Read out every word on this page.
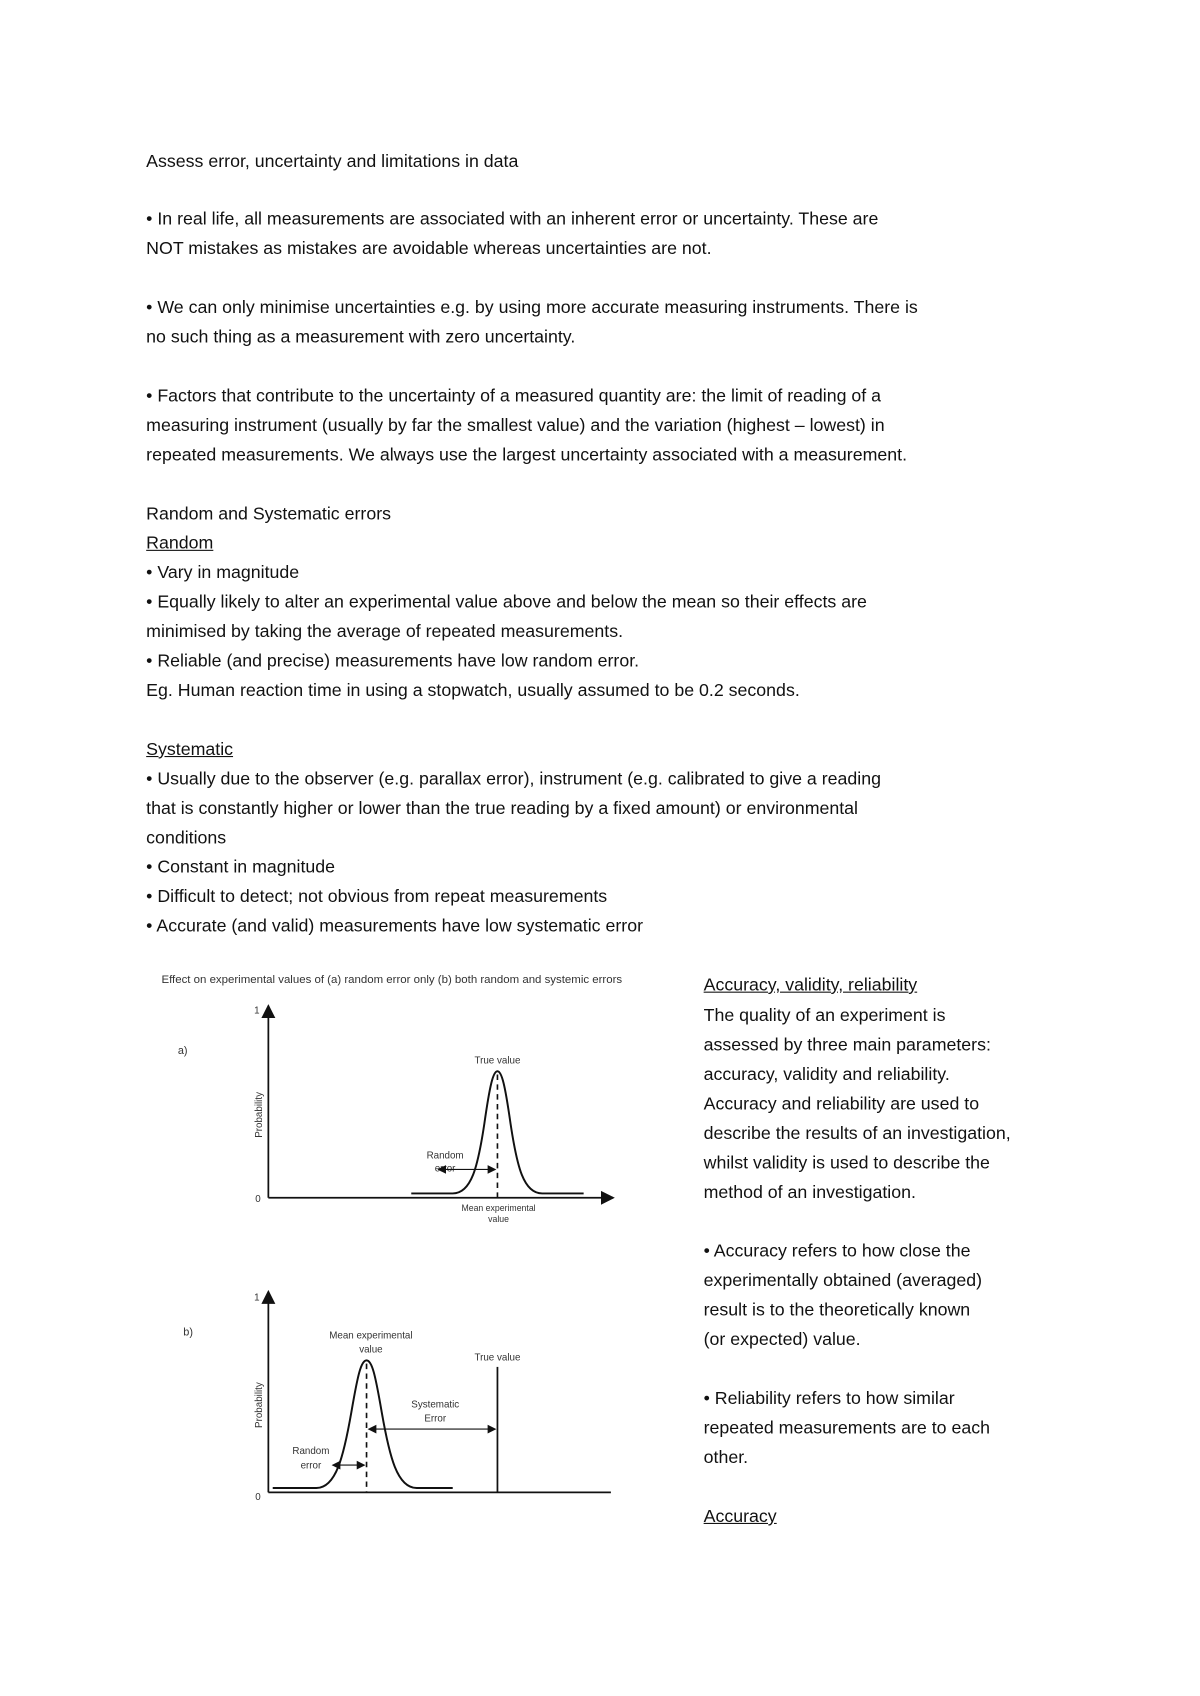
Assess error, uncertainty and limitations in data
• In real life, all measurements are associated with an inherent error or uncertainty. These are
NOT mistakes as mistakes are avoidable whereas uncertainties are not.
• We can only minimise uncertainties e.g. by using more accurate measuring instruments. There is
no such thing as a measurement with zero uncertainty.
• Factors that contribute to the uncertainty of a measured quantity are: the limit of reading of a
measuring instrument (usually by far the smallest value) and the variation (highest – lowest) in
repeated measurements. We always use the largest uncertainty associated with a measurement.
Random and Systematic errors
Random
• Vary in magnitude
• Equally likely to alter an experimental value above and below the mean so their effects are
minimised by taking the average of repeated measurements.
• Reliable (and precise) measurements have low random error.
Eg. Human reaction time in using a stopwatch, usually assumed to be 0.2 seconds.
Systematic
• Usually due to the observer (e.g. parallax error), instrument (e.g. calibrated to give a reading
that is constantly higher or lower than the true reading by a fixed amount) or environmental
conditions
• Constant in magnitude
• Difficult to detect; not obvious from repeat measurements
• Accurate (and valid) measurements have low systematic error
Effect on experimental values of (a) random error only (b) both random and systemic errors
a)
1
0
Probability
True value
Random
error
Mean experimental
value
b)
1
0
Probability
Mean experimental
value
True value
Systematic
Error
Random
error
Accuracy, validity, reliability
The quality of an experiment is
assessed by three main parameters:
accuracy, validity and reliability.
Accuracy and reliability are used to
describe the results of an investigation,
whilst validity is used to describe the
method of an investigation.
• Accuracy refers to how close the
experimentally obtained (averaged)
result is to the theoretically known
(or expected) value.
• Reliability refers to how similar
repeated measurements are to each
other.
Accuracy
